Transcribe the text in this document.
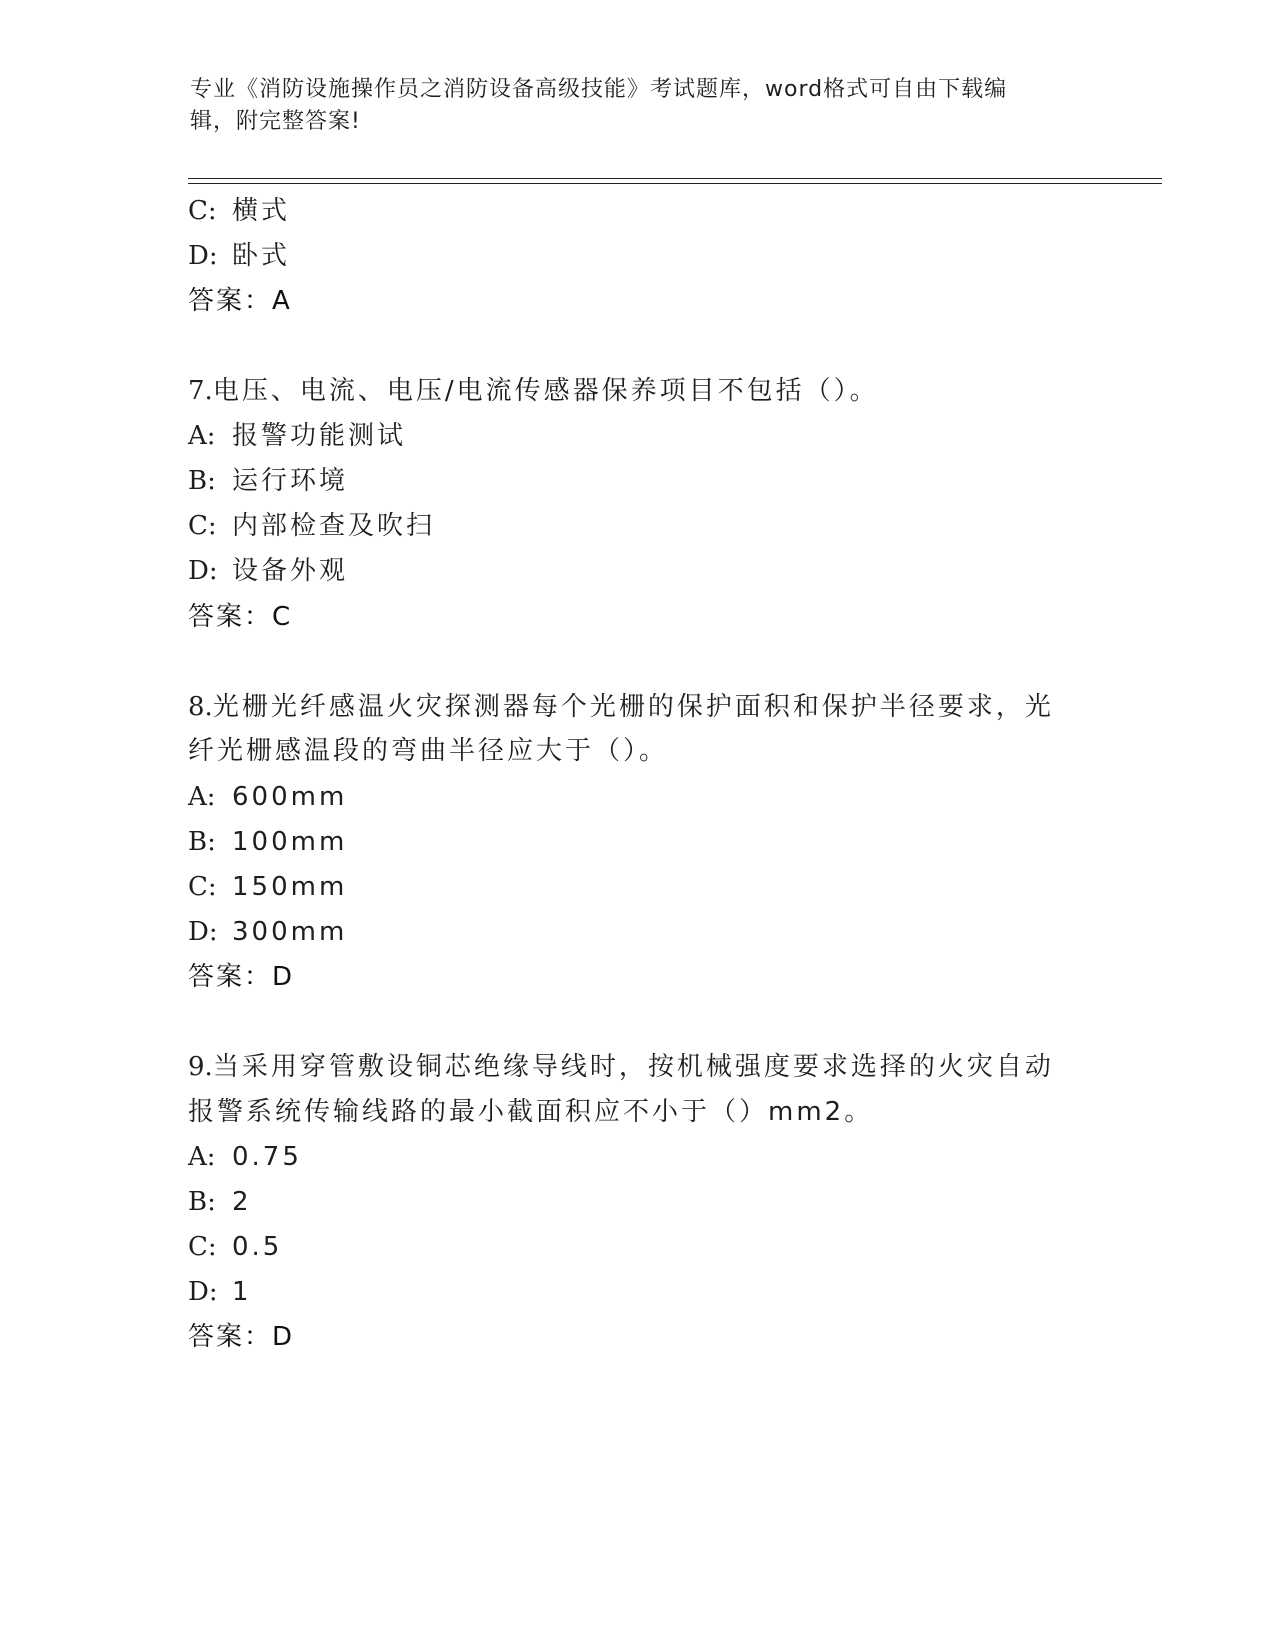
专业《消防设施操作员之消防设备高级技能》考试题库，word格式可自由下载编
辑，附完整答案!
C: 横式
D: 卧式
答案：A
7.电压、电流、电压/电流传感器保养项目不包括（）。
A: 报警功能测试
B: 运行环境
C: 内部检查及吹扫
D: 设备外观
答案：C
8.光栅光纤感温火灾探测器每个光栅的保护面积和保护半径要求，光
纤光栅感温段的弯曲半径应大于（）。
A: 600mm
B: 100mm
C: 150mm
D: 300mm
答案：D
9.当采用穿管敷设铜芯绝缘导线时，按机械强度要求选择的火灾自动
报警系统传输线路的最小截面积应不小于（）mm2。
A: 0.75
B: 2
C: 0.5
D: 1
答案：D
